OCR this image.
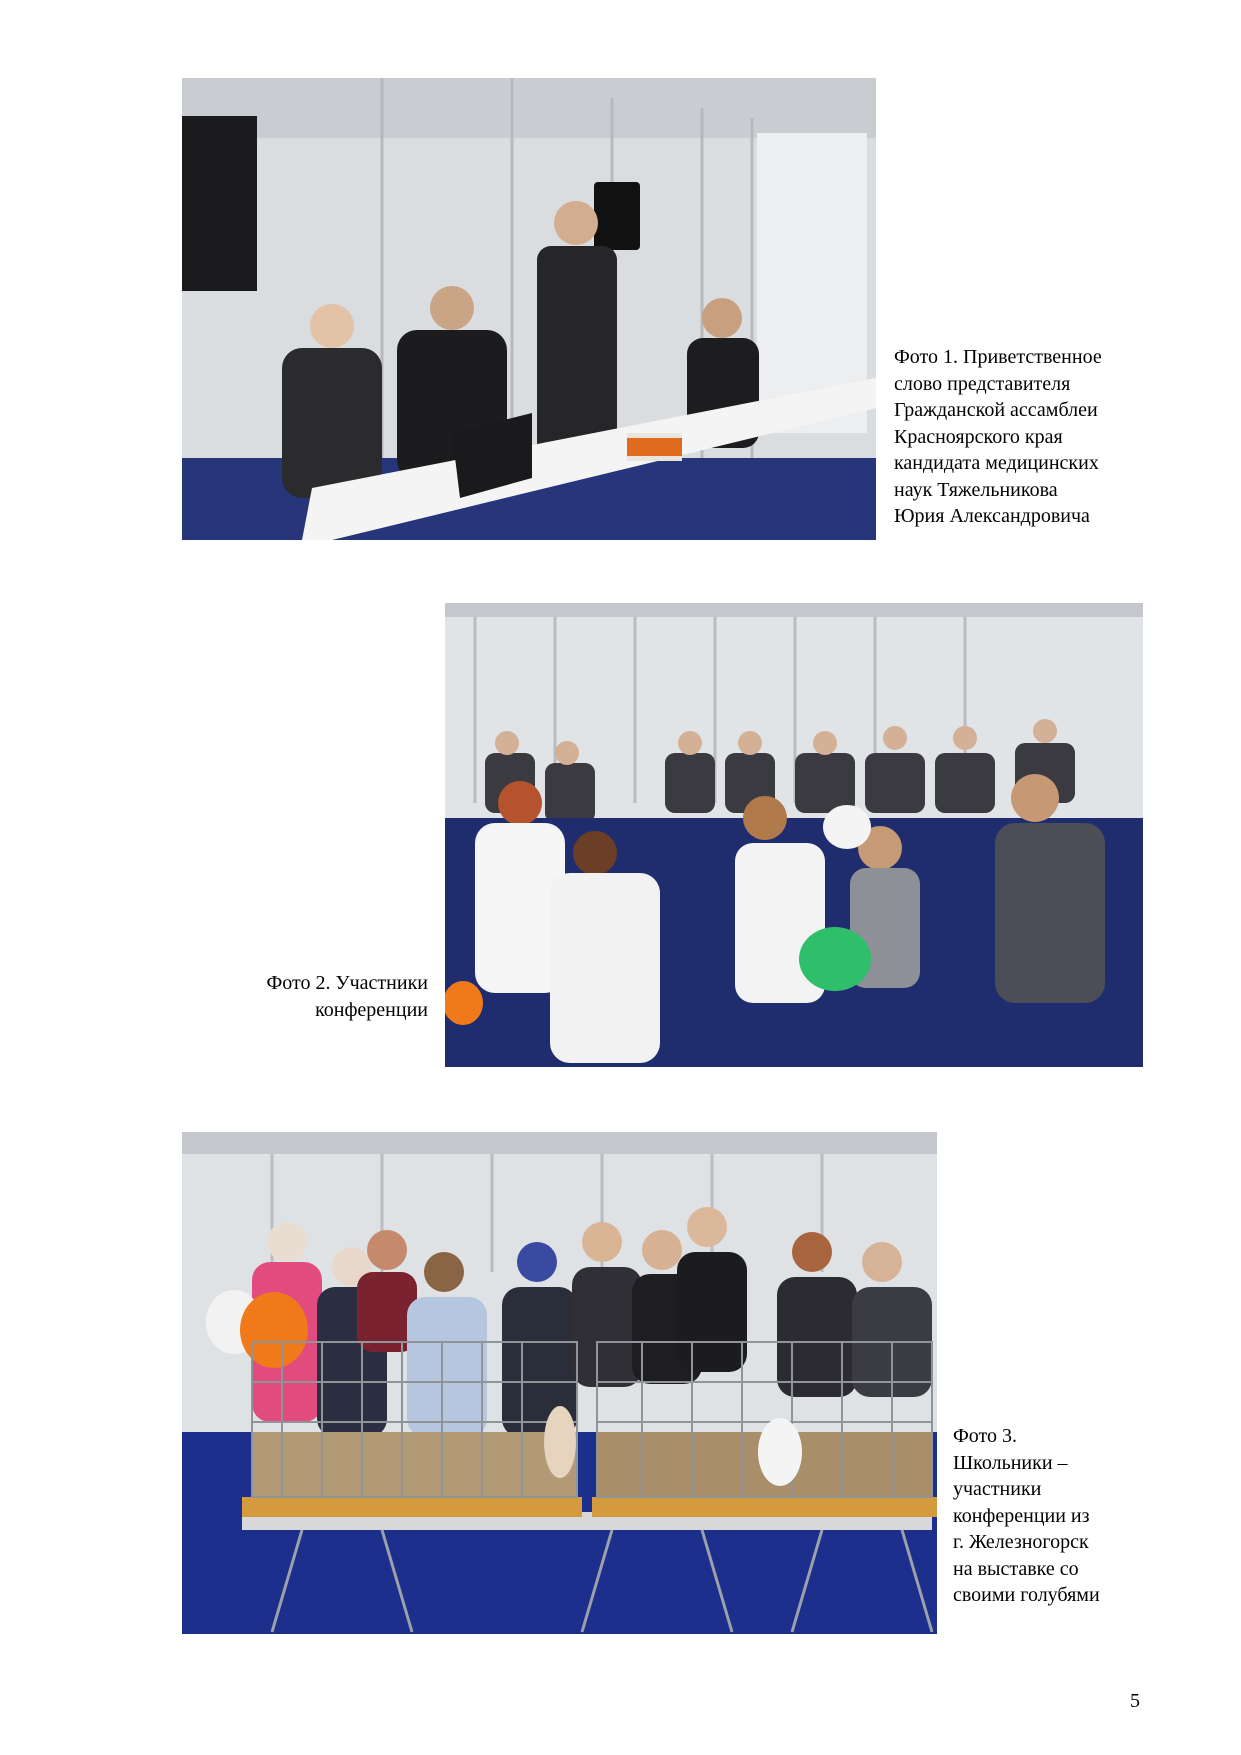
Фото 1. Приветственное
слово представителя
Гражданской ассамблеи
Красноярского края
кандидата медицинских
наук Тяжельникова
Юрия Александровича
Фото 2. Участники
конференции
Фото 3.
Школьники –
участники
конференции из
г. Железногорск
на выставке со
своими голубями
5
